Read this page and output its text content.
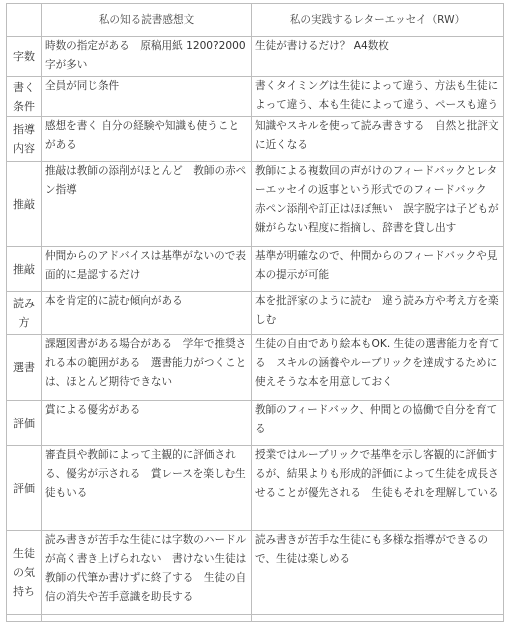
	私の知る読書感想文	私の実践するレターエッセイ（RW）
字数	時数の指定がある　原稿用紙 1200?2000字が多い	生徒が書けるだけ？ A4数枚
書く条件	全員が同じ条件	書くタイミングは生徒によって違う、方法も生徒によって違う、本も生徒によって違う、ペースも違う
指導内容	感想を書く 自分の経験や知識も使うことがある	知識やスキルを使って読み書きする　自然と批評文に近くなる
推敲	推敲は教師の添削がほとんど　教師の赤ペン指導	教師による複数回の声がけのフィードバックとレターエッセイの返事という形式でのフィードバック　赤ペン添削や訂正はほぼ無い　誤字脱字は子どもが嫌がらない程度に指摘し、辞書を貸し出す
推敲	仲間からのアドバイスは基準がないので表面的に是認するだけ	基準が明確なので、仲間からのフィードバックや見本の提示が可能
読み方	本を肯定的に読む傾向がある	本を批評家のように読む　違う読み方や考え方を楽しむ
選書	課題図書がある場合がある　学年で推奨される本の範囲がある　選書能力がつくことは、ほとんど期待できない	生徒の自由であり絵本もOK. 生徒の選書能力を育てる　スキルの涵養やルーブリックを達成するために使えそうな本を用意しておく
評価	賞による優劣がある	教師のフィードバック、仲間との協働で自分を育てる
評価	審査員や教師によって主観的に評価される、優劣が示される　賞レースを楽しむ生徒もいる	授業ではルーブリックで基準を示し客観的に評価するが、結果よりも形成的評価によって生徒を成長させることが優先される　生徒もそれを理解している
生徒の気持ち	読み書きが苦手な生徒には字数のハードルが高く書き上げられない　書けない生徒は教師の代筆か書けずに終了する　生徒の自信の消失や苦手意識を助長する	読み書きが苦手な生徒にも多様な指導ができるので、生徒は楽しめる
